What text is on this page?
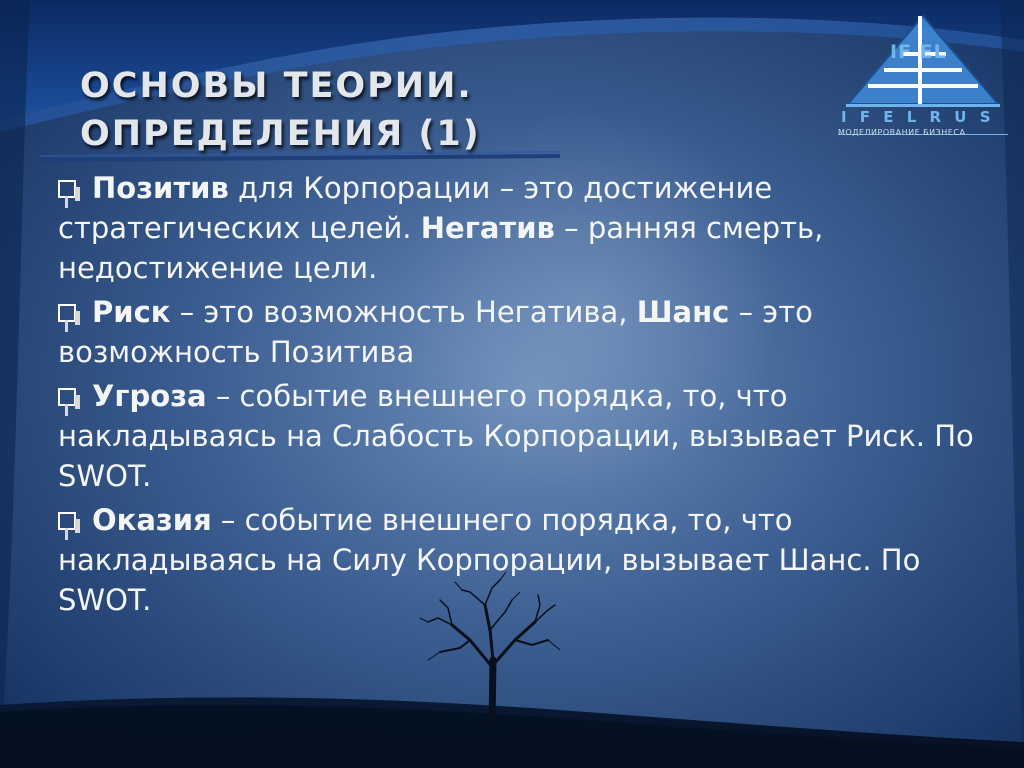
ОСНОВЫ ТЕОРИИ.
ОПРЕДЕЛЕНИЯ (1)
IF EL
I F E L R U S
МОДЕЛИРОВАНИЕ БИЗНЕСА

Позитив для Корпорации – это достижение стратегических целей. Негатив – ранняя смерть, недостижение цели.

Риск – это возможность Негатива, Шанс – это возможность Позитива

Угроза – событие внешнего порядка, то, что накладываясь на Слабость Корпорации, вызывает Риск. По SWOT.

Оказия – событие внешнего порядка, то, что накладываясь на Силу Корпорации, вызывает Шанс. По SWOT.
